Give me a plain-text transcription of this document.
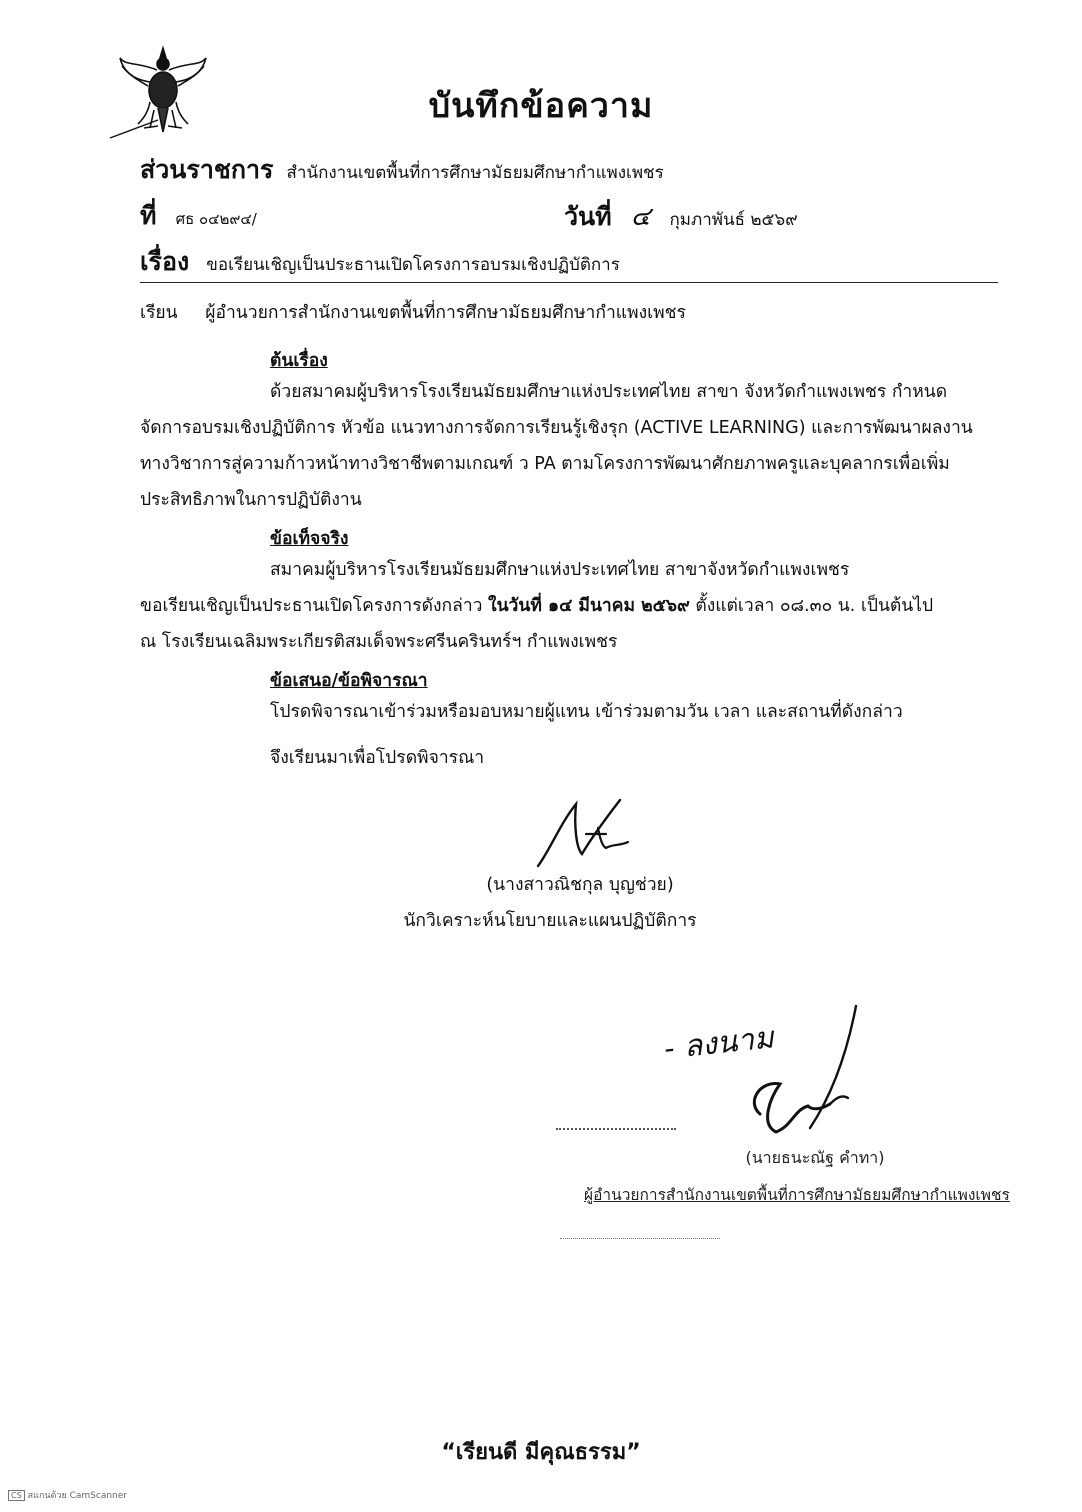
บันทึกข้อความ
ส่วนราชการ สำนักงานเขตพื้นที่การศึกษามัธยมศึกษากำแพงเพชร
ที่ ศธ ๐๔๒๙๔/	วันที่ ๔ กุมภาพันธ์ ๒๕๖๙
เรื่อง ขอเรียนเชิญเป็นประธานเปิดโครงการอบรมเชิงปฏิบัติการ
เรียน ผู้อำนวยการสำนักงานเขตพื้นที่การศึกษามัธยมศึกษากำแพงเพชร
ต้นเรื่อง
ด้วยสมาคมผู้บริหารโรงเรียนมัธยมศึกษาแห่งประเทศไทย สาขา จังหวัดกำแพงเพชร กำหนด
จัดการอบรมเชิงปฏิบัติการ หัวข้อ แนวทางการจัดการเรียนรู้เชิงรุก (ACTIVE LEARNING) และการพัฒนาผลงาน
ทางวิชาการสู่ความก้าวหน้าทางวิชาชีพตามเกณฑ์ ว PA ตามโครงการพัฒนาศักยภาพครูและบุคลากรเพื่อเพิ่ม
ประสิทธิภาพในการปฏิบัติงาน
ข้อเท็จจริง
สมาคมผู้บริหารโรงเรียนมัธยมศึกษาแห่งประเทศไทย สาขาจังหวัดกำแพงเพชร
ขอเรียนเชิญเป็นประธานเปิดโครงการดังกล่าว ในวันที่ ๑๔ มีนาคม ๒๕๖๙ ตั้งแต่เวลา ๐๘.๓๐ น. เป็นต้นไป
ณ โรงเรียนเฉลิมพระเกียรติสมเด็จพระศรีนครินทร์ฯ กำแพงเพชร
ข้อเสนอ/ข้อพิจารณา
โปรดพิจารณาเข้าร่วมหรือมอบหมายผู้แทน เข้าร่วมตามวัน เวลา และสถานที่ดังกล่าว
จึงเรียนมาเพื่อโปรดพิจารณา
(นางสาวณิชกุล บุญช่วย)
นักวิเคราะห์นโยบายและแผนปฏิบัติการ
- ลงนาม
(นายธนะณัฐ คำทา)
ผู้อำนวยการสำนักงานเขตพื้นที่การศึกษามัธยมศึกษากำแพงเพชร
“เรียนดี มีคุณธรรม”
CS สแกนด้วย CamScanner
